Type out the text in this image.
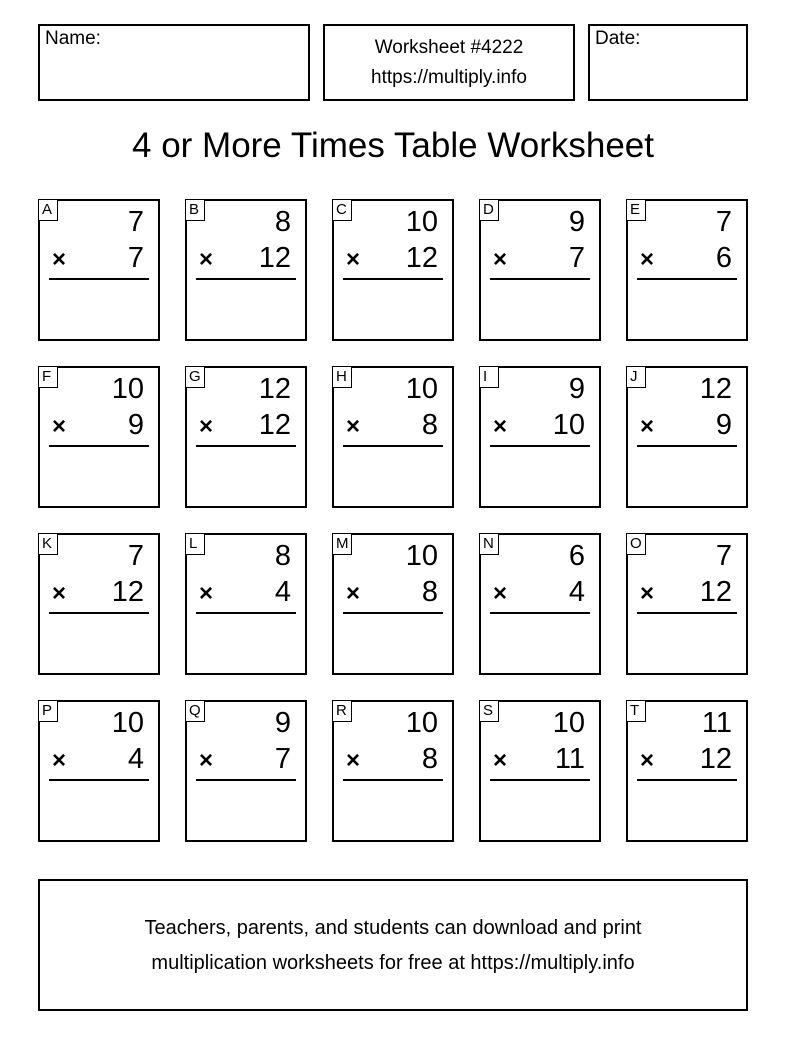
Name:	Worksheet #4222
https://multiply.info
Date:
4 or More Times Table Worksheet
A	7
× 7
B	8
× 12
C 10
× 12
D	9
× 7
E	7
× 6
F 10
× 9
G 12
× 12
H 10
× 8
I	9
× 10
J 12
× 9
K	7
× 12
L	8
× 4
M 10
× 8
N	6
× 4
O	7
× 12
P 10
× 4
Q	9
× 7
R 10
× 8
S 10
× 11
T 11
× 12
Teachers, parents, and students can download and print
multiplication worksheets for free at https://multiply.info
